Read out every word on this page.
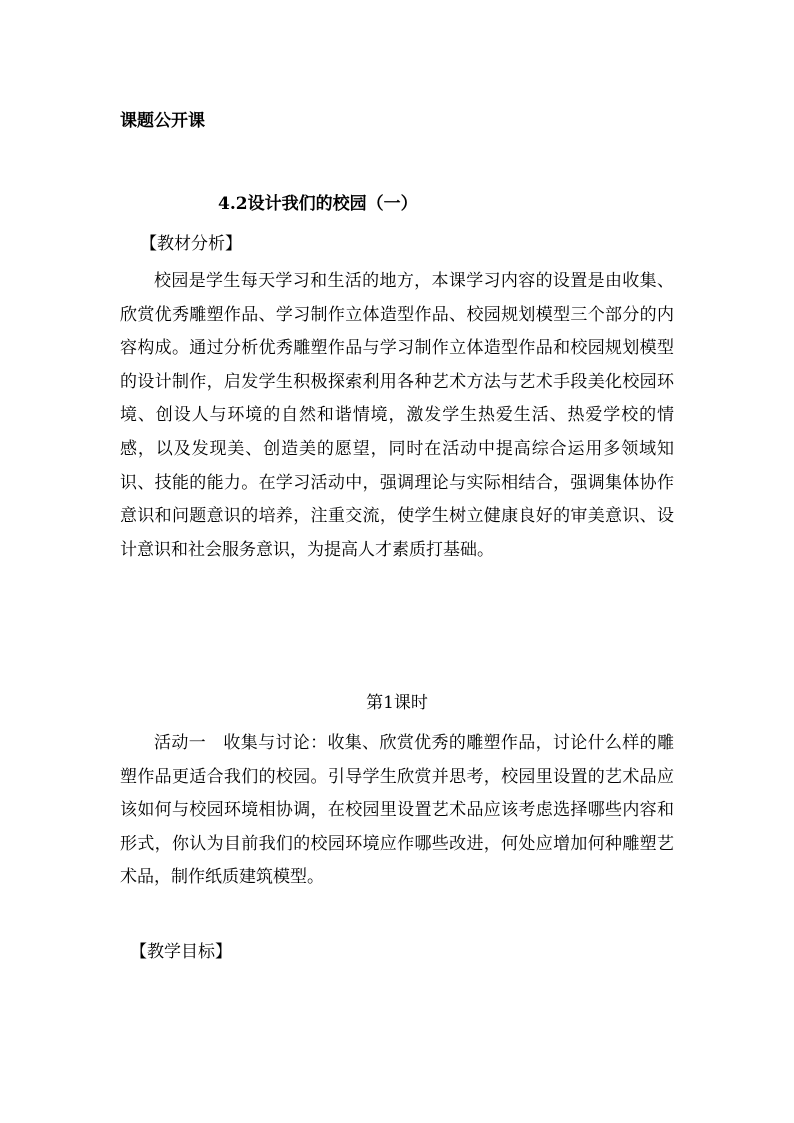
课题公开课
4.2设计我们的校园（一）
【教材分析】

校园是学生每天学习和生活的地方，本课学习内容的设置是由收集、欣赏优秀雕塑作品、学习制作立体造型作品、校园规划模型三个部分的内容构成。通过分析优秀雕塑作品与学习制作立体造型作品和校园规划模型的设计制作，启发学生积极探索利用各种艺术方法与艺术手段美化校园环境、创设人与环境的自然和谐情境，激发学生热爱生活、热爱学校的情感，以及发现美、创造美的愿望，同时在活动中提高综合运用多领域知识、技能的能力。在学习活动中，强调理论与实际相结合，强调集体协作意识和问题意识的培养，注重交流，使学生树立健康良好的审美意识、设计意识和社会服务意识，为提高人才素质打基础。

第1课时

活动一　收集与讨论：收集、欣赏优秀的雕塑作品，讨论什么样的雕塑作品更适合我们的校园。引导学生欣赏并思考，校园里设置的艺术品应该如何与校园环境相协调，在校园里设置艺术品应该考虑选择哪些内容和形式，你认为目前我们的校园环境应作哪些改进，何处应增加何种雕塑艺术品，制作纸质建筑模型。

【教学目标】
